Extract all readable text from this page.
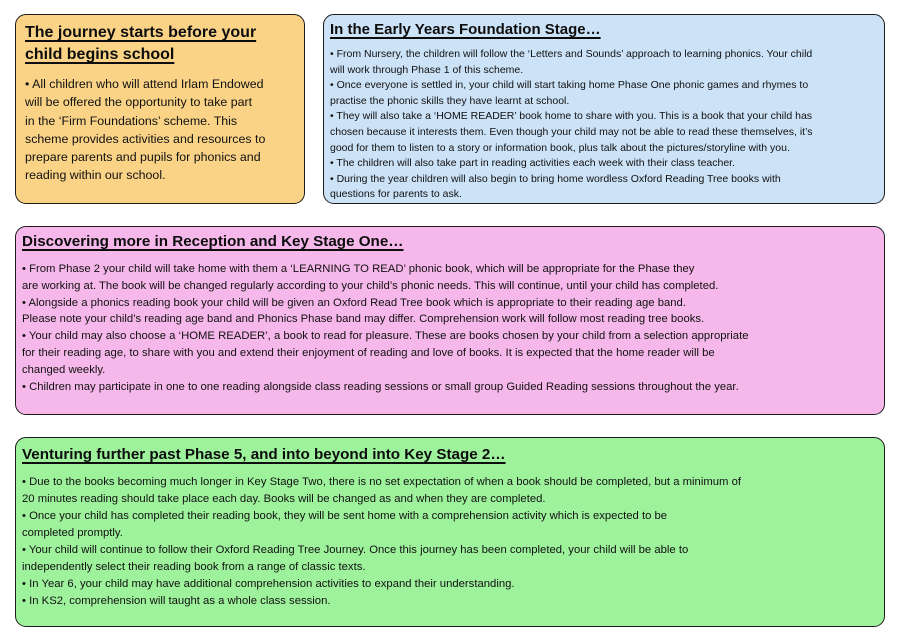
The journey starts before your
child begins school

• All children who will attend Irlam Endowed
will be offered the opportunity to take part
in the ‘Firm Foundations’ scheme. This
scheme provides activities and resources to
prepare parents and pupils for phonics and
reading within our school.

In the Early Years Foundation Stage…

• From Nursery, the children will follow the ‘Letters and Sounds’ approach to learning phonics. Your child
will work through Phase 1 of this scheme.
• Once everyone is settled in, your child will start taking home Phase One phonic games and rhymes to
practise the phonic skills they have learnt at school.
• They will also take a ‘HOME READER’ book home to share with you. This is a book that your child has
chosen because it interests them. Even though your child may not be able to read these themselves, it’s
good for them to listen to a story or information book, plus talk about the pictures/storyline with you.
• The children will also take part in reading activities each week with their class teacher.
• During the year children will also begin to bring home wordless Oxford Reading Tree books with
questions for parents to ask.

Discovering more in Reception and Key Stage One…

• From Phase 2 your child will take home with them a ‘LEARNING TO READ’ phonic book, which will be appropriate for the Phase they
are working at. The book will be changed regularly according to your child’s phonic needs. This will continue, until your child has completed.
• Alongside a phonics reading book your child will be given an Oxford Read Tree book which is appropriate to their reading age band.
Please note your child’s reading age band and Phonics Phase band may differ. Comprehension work will follow most reading tree books.
• Your child may also choose a ‘HOME READER’, a book to read for pleasure. These are books chosen by your child from a selection appropriate
for their reading age, to share with you and extend their enjoyment of reading and love of books. It is expected that the home reader will be
changed weekly.
• Children may participate in one to one reading alongside class reading sessions or small group Guided Reading sessions throughout the year.

Venturing further past Phase 5, and into beyond into Key Stage 2…

• Due to the books becoming much longer in Key Stage Two, there is no set expectation of when a book should be completed, but a minimum of
20 minutes reading should take place each day. Books will be changed as and when they are completed.
• Once your child has completed their reading book, they will be sent home with a comprehension activity which is expected to be
completed promptly.
• Your child will continue to follow their Oxford Reading Tree Journey. Once this journey has been completed, your child will be able to
independently select their reading book from a range of classic texts.
• In Year 6, your child may have additional comprehension activities to expand their understanding.
• In KS2, comprehension will taught as a whole class session.
